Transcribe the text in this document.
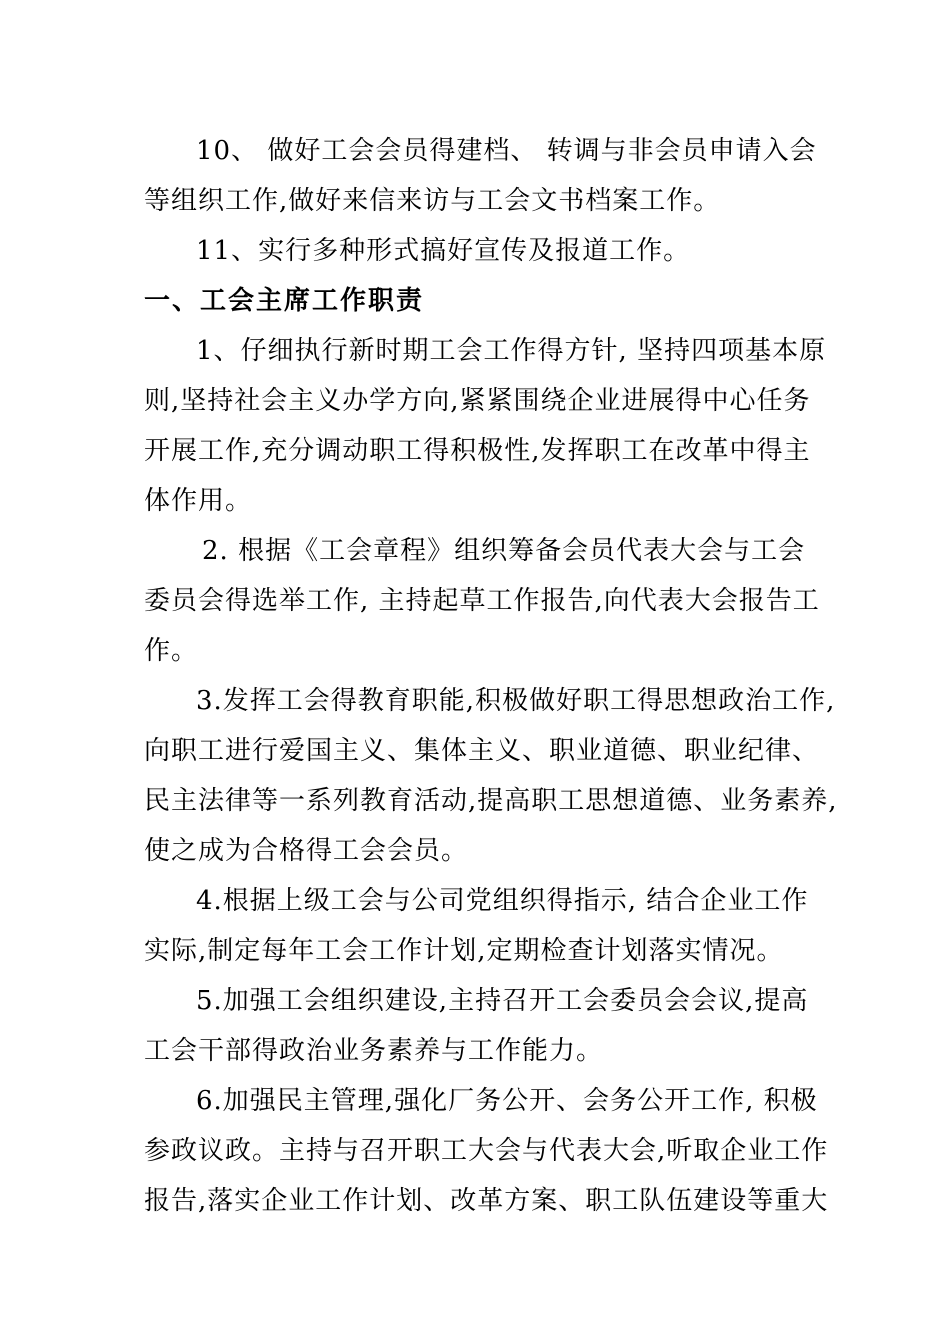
10、 做好工会会员得建档、 转调与非会员申请入会
等组织工作,做好来信来访与工会文书档案工作。
11、实行多种形式搞好宣传及报道工作。
一、工会主席工作职责
1、仔细执行新时期工会工作得方针, 坚持四项基本原
则,坚持社会主义办学方向,紧紧围绕企业进展得中心任务
开展工作,充分调动职工得积极性,发挥职工在改革中得主
体作用。
2. 根据《工会章程》组织筹备会员代表大会与工会
委员会得选举工作, 主持起草工作报告,向代表大会报告工
作。
3.发挥工会得教育职能,积极做好职工得思想政治工作,
向职工进行爱国主义、集体主义、职业道德、职业纪律、
民主法律等一系列教育活动,提高职工思想道德、业务素养,
使之成为合格得工会会员。
4.根据上级工会与公司党组织得指示, 结合企业工作
实际,制定每年工会工作计划,定期检查计划落实情况。
5.加强工会组织建设,主持召开工会委员会会议,提高
工会干部得政治业务素养与工作能力。
6.加强民主管理,强化厂务公开、会务公开工作, 积极
参政议政。主持与召开职工大会与代表大会,听取企业工作
报告,落实企业工作计划、改革方案、职工队伍建设等重大
